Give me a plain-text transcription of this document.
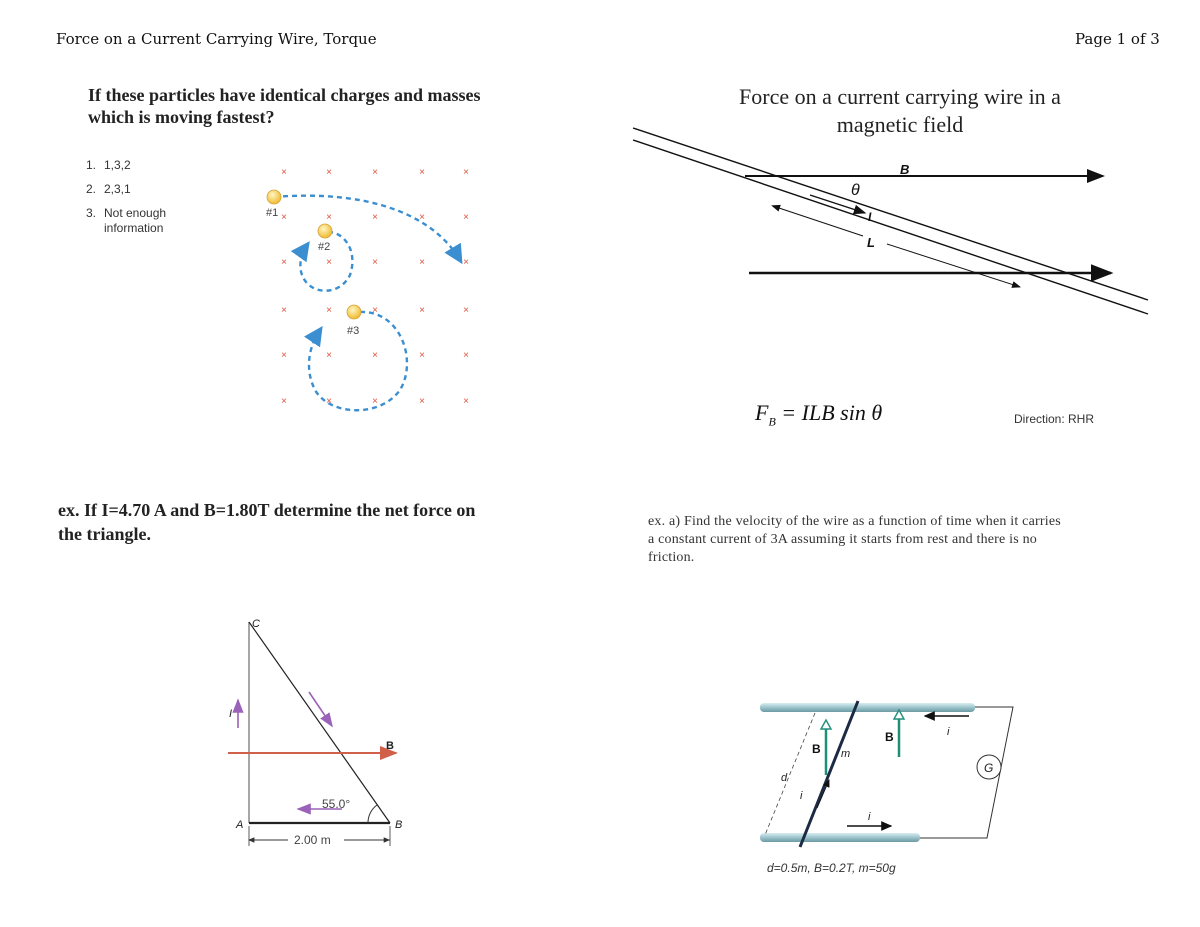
Force on a Current Carrying Wire, Torque	Page 1 of 3
If these particles have identical charges and masses
which is moving fastest?
1. 1,3,2
2. 2,3,1
3. Not enough
information
×	×	×	×	×
×	×	×	×	×
×	×	×	×	×
×	×	×	×	×
×	×	×	×	×
×	×	×	×	×
#1
#2
#3
Force on a current carrying wire in a
magnetic field
B
θ
I
L
$F_B$ = ILB sin θ	Direction: RHR
ex. If I=4.70 A and B=1.80T determine the net force on
the triangle.
2.00 m
55.0°
C
I
B
A	B
ex. a) Find the velocity of the wire as a function of time when it carries
a constant current of 3A assuming it starts from rest and there is no
friction.
G
d
B
B
m
i
i
i
d=0.5m, B=0.2T, m=50g
